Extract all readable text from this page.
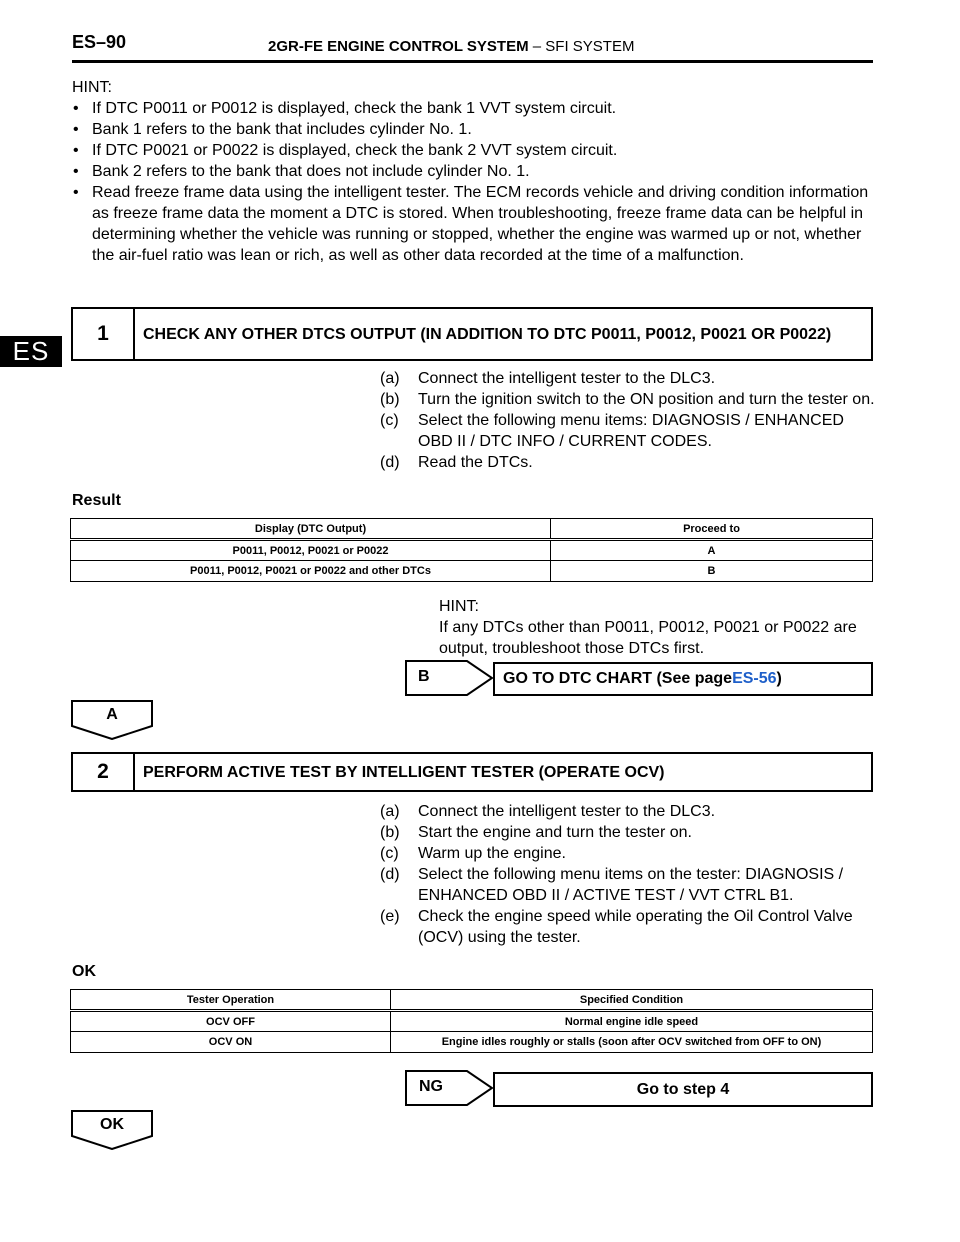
ES–90	2GR-FE ENGINE CONTROL SYSTEM – SFI SYSTEM
ES
HINT:
• If DTC P0011 or P0012 is displayed, check the bank 1 VVT system circuit.
• Bank 1 refers to the bank that includes cylinder No. 1.
• If DTC P0021 or P0022 is displayed, check the bank 2 VVT system circuit.
• Bank 2 refers to the bank that does not include cylinder No. 1.
• Read freeze frame data using the intelligent tester. The ECM records vehicle and driving condition information as freeze frame data the moment a DTC is stored. When troubleshooting, freeze frame data can be helpful in determining whether the vehicle was running or stopped, whether the engine was warmed up or not, whether the air-fuel ratio was lean or rich, as well as other data recorded at the time of a malfunction.
1	CHECK ANY OTHER DTCS OUTPUT (IN ADDITION TO DTC P0011, P0012, P0021 OR P0022)
(a)	Connect the intelligent tester to the DLC3.
(b)	Turn the ignition switch to the ON position and turn the tester on.
(c)	Select the following menu items: DIAGNOSIS / ENHANCED OBD II / DTC INFO / CURRENT CODES.
(d)	Read the DTCs.
Result
Display (DTC Output)	Proceed to
P0011, P0012, P0021 or P0022	A
P0011, P0012, P0021 or P0022 and other DTCs	B
HINT:
If any DTCs other than P0011, P0012, P0021 or P0022 are output, troubleshoot those DTCs first.
B	GO TO DTC CHART (See page ES-56 )
A
2	PERFORM ACTIVE TEST BY INTELLIGENT TESTER (OPERATE OCV)
(a)	Connect the intelligent tester to the DLC3.
(b)	Start the engine and turn the tester on.
(c)	Warm up the engine.
(d)	Select the following menu items on the tester: DIAGNOSIS / ENHANCED OBD II / ACTIVE TEST / VVT CTRL B1.
(e)	Check the engine speed while operating the Oil Control Valve (OCV) using the tester.
OK
Tester Operation	Specified Condition
OCV OFF	Normal engine idle speed
OCV ON	Engine idles roughly or stalls (soon after OCV switched from OFF to ON)
NG	Go to step 4
OK
